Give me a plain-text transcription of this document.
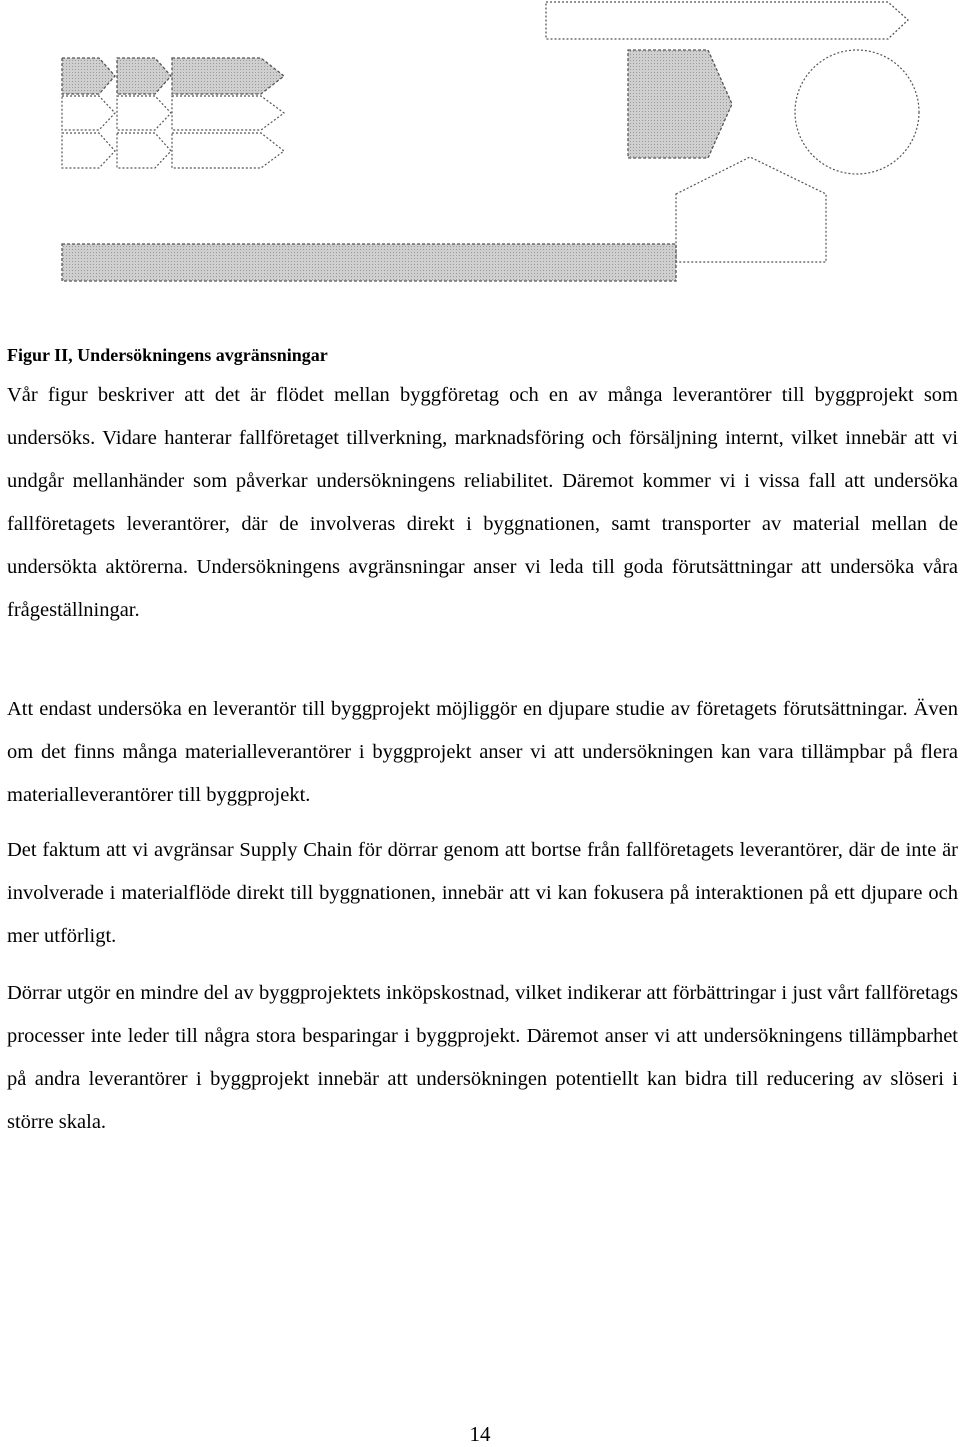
Figur II, Undersökningens avgränsningar

Vår figur beskriver att det är flödet mellan byggföretag och en av många leverantörer till byggprojekt som undersöks. Vidare hanterar fallföretaget tillverkning, marknadsföring och försäljning internt, vilket innebär att vi undgår mellanhänder som påverkar undersökningens reliabilitet. Däremot kommer vi i vissa fall att undersöka fallföretagets leverantörer, där de involveras direkt i byggnationen, samt transporter av material mellan de undersökta aktörerna. Undersökningens avgränsningar anser vi leda till goda förutsättningar att undersöka våra frågeställningar.

Att endast undersöka en leverantör till byggprojekt möjliggör en djupare studie av företagets förutsättningar. Även om det finns många materialleverantörer i byggprojekt anser vi att undersökningen kan vara tillämpbar på flera materialleverantörer till byggprojekt.

Det faktum att vi avgränsar Supply Chain för dörrar genom att bortse från fallföretagets leverantörer, där de inte är involverade i materialflöde direkt till byggnationen, innebär att vi kan fokusera på interaktionen på ett djupare och mer utförligt.

Dörrar utgör en mindre del av byggprojektets inköpskostnad, vilket indikerar att förbättringar i just vårt fallföretags processer inte leder till några stora besparingar i byggprojekt. Däremot anser vi att undersökningens tillämpbarhet på andra leverantörer i byggprojekt innebär att undersökningen potentiellt kan bidra till reducering av slöseri i större skala.

14
